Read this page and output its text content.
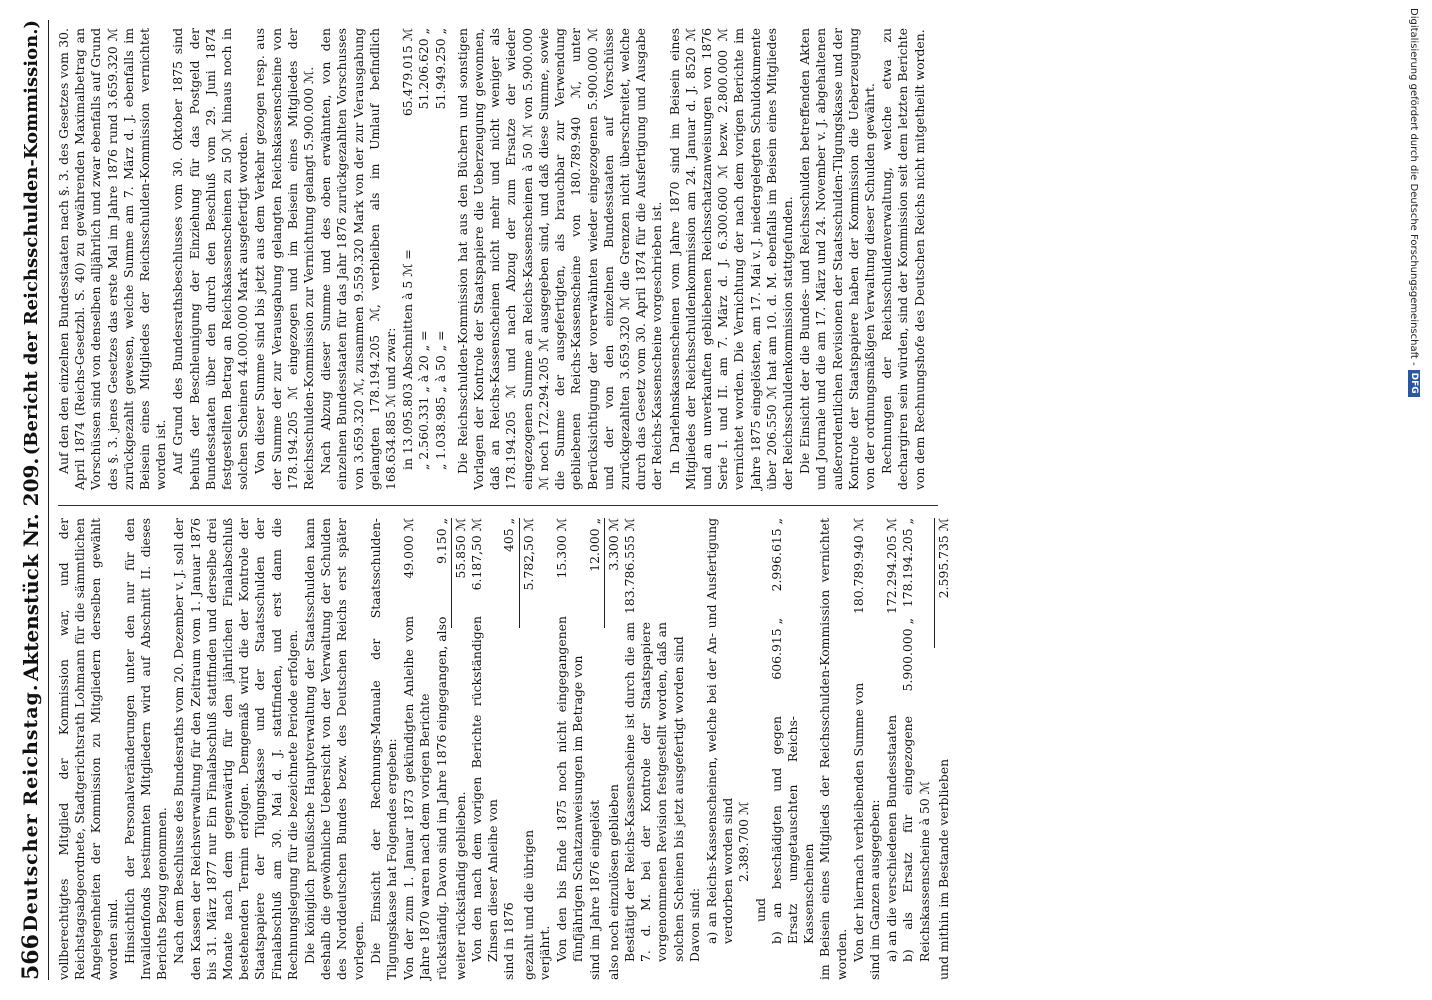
566
Deutscher Reichstag.
Aktenstück Nr. 209.
(Bericht der Reichsschulden-Kommission.)

vollberechtigtes Mitglied der Kommission war, und der Reichstagsabgeordnete, Stadtgerichtsrath Lohmann für die sämmtlichen Angelegenheiten der Kommission zu Mitgliedern derselben gewählt worden sind. Hinsichtlich der Personalveränderungen unter den nur für den Invalidenfonds bestimmten Mitgliedern wird auf Abschnitt II. dieses Berichts Bezug genommen. Nach dem Beschlusse des Bundesraths vom 20. Dezember v. J. soll der den Kassen der Reichsverwaltung für den Zeitraum vom 1. Januar 1876 bis 31. März 1877 nur Ein Finalabschluß stattfinden und derselbe drei Monate nach dem gegenwärtig für den jährlichen Finalabschluß bestehenden Termin erfolgen. Demgemäß wird die der Kontrole der Staatspapiere der Tilgungskasse und der Staatsschulden der Finalabschluß am 30. Mai d. J. stattfinden, und erst dann die Rechnungslegung für die bezeichnete Periode erfolgen. Die königlich preußische Hauptverwaltung der Staatsschulden kann deshalb die gewöhnliche Uebersicht von der Verwaltung der Schulden des Norddeutschen Bundes bezw. des Deutschen Reichs erst später vorlegen. Die Einsicht der Rechnungs-Manuale der Staatsschulden-Tilgungskasse hat Folgendes ergeben: Von der zum 1. Januar 1873 gekündigten Anleihe vom Jahre 1870 waren nach dem vorigen Berichte
49.000 ℳ
rückständig. Davon sind im Jahre 1876 eingegangen, also
9.150 „
weiter rückständig geblieben.
55.850 ℳ
Von den nach dem vorigen Berichte rückständigen Zinsen dieser Anleihe von
6.187,50 ℳ
sind in 1876
405 „
gezahlt und die übrigen
5.782,50 ℳ

verjährt. Von den bis Ende 1875 noch nicht eingegangenen fünfjährigen Schatzanweisungen im Betrage von
15.300 ℳ
sind im Jahre 1876 eingelöst
12.000 „
also noch einzulösen geblieben
3.300 ℳ
Bestätigt der Reichs-Kassenscheine ist durch die am 7. d. M. bei der Kontrole der Staatspapiere vorgenommenen Revision festgestellt worden, daß an solchen Scheinen bis jetzt ausgefertigt worden sind
183.786.555 ℳ

Davon sind: a) an Reichs-Kassenscheinen, welche bei der An- und Ausfertigung verdorben worden sind 2.389.700 ℳ
und b) an beschädigten und gegen Ersatz umgetauschten Reichs-Kassenscheinen
606.915 „
2.996.615 „	im Beisein eines Mitglieds der Reichsschulden-Kommission vernichtet worden. Von der hiernach verbleibenden Summe von
180.789.940 ℳ

sind im Ganzen ausgegeben: a) an die verschiedenen Bundesstaaten
172.294.205 ℳ
b) als Ersatz für eingezogene Reichskassenscheine à 50 ℳ
5.900.000 „
178.194.205 „
und mithin im Bestande verblieben
2.595.735 ℳ

Auf den den einzelnen Bundesstaaten nach §. 3. des Gesetzes vom 30. April 1874 (Reichs-Gesetzbl. S. 40) zu gewährenden Maximalbetrag an Vorschüssen sind von denselben alljährlich und zwar ebenfalls auf Grund des §. 3. jenes Gesetzes das erste Mal im Jahre 1876 rund 3.659.320 ℳ zurückgezahlt gewesen, welche Summe am 7. März d. J. ebenfalls im Beisein eines Mitgliedes der Reichsschulden-Kommission vernichtet worden ist. Auf Grund des Bundesrathsbeschlusses vom 30. Oktober 1875 sind behufs der Beschleunigung der Einziehung für das Postgeld der Bundesstaaten über den durch den Beschluß vom 29. Juni 1874 festgestellten Betrag an Reichskassenscheinen zu 50 ℳ hinaus noch in solchen Scheinen 44.000.000 Mark ausgefertigt worden. Von dieser Summe sind bis jetzt aus dem Verkehr gezogen resp. aus der Summe der zur Verausgabung gelangten Reichskassenscheine von 178.194.205 ℳ eingezogen und im Beisein eines Mitgliedes der Reichsschulden-Kommission zur Vernichtung gelangt 5.900.000 ℳ. Nach Abzug dieser Summe und des oben erwähnten, von den einzelnen Bundesstaaten für das Jahr 1876 zurückgezahlten Vorschusses von 3.659.320 ℳ, zusammen 9.559.320 Mark von der zur Verausgabung gelangten 178.194.205 ℳ, verbleiben als im Umlauf befindlich 168.634.885 ℳ und zwar: in 13.095.803 Abschnitten à 5 ℳ =
65.479.015 ℳ
„ 2.560.331 „ à 20 „ =
51.206.620 „
„ 1.038.985 „ à 50 „ =
51.949.250 „ Die Reichsschulden-Kommission hat aus den Büchern und sonstigen Vorlagen der Kontrole der Staatspapiere die Ueberzeugung gewonnen, daß an Reichs-Kassenscheinen nicht mehr und nicht weniger als 178.194.205 ℳ und nach Abzug der zum Ersatze der wieder eingezogenen Summe an Reichs-Kassenscheinen à 50 ℳ von 5.900.000 ℳ noch 172.294.205 ℳ ausgegeben sind, und daß diese Summe, sowie die Summe der ausgefertigten, als brauchbar zur Verwendung gebliebenen Reichs-Kassenscheine von 180.789.940 ℳ, unter Berücksichtigung der vorerwähnten wieder eingezogenen 5.900.000 ℳ und der von den einzelnen Bundesstaaten auf Vorschüsse zurückgezahlten 3.659.320 ℳ die Grenzen nicht überschreitet, welche durch das Gesetz vom 30. April 1874 für die Ausfertigung und Ausgabe der Reichs-Kassenscheine vorgeschrieben ist. In Darlehnskassenscheinen vom Jahre 1870 sind im Beisein eines Mitgliedes der Reichsschuldenkommission am 24. Januar d. J. 8520 ℳ und an unverkauften gebliebenen Reichsschatzanweisungen von 1876 Serie I. und II. am 7. März d. J. 6.300.600 ℳ bezw. 2.800.000 ℳ vernichtet worden. Die Vernichtung der nach dem vorigen Berichte im Jahre 1875 eingelösten, am 17. Mai v. J. niedergelegten Schuldokumente über 206.550 ℳ hat am 10. d. M. ebenfalls im Beisein eines Mitgliedes der Reichsschuldenkommission stattgefunden. Die Einsicht der die Bundes- und Reichsschulden betreffenden Akten und Journale und die am 17. März und 24. November v. J. abgehaltenen außerordentlichen Revisionen der Staatsschulden-Tilgungskasse und der Kontrole der Staatspapiere haben der Kommission die Ueberzeugung von der ordnungsmäßigen Verwaltung dieser Schulden gewährt. Rechnungen der Reichsschuldenverwaltung, welche etwa zu dechargiren sein würden, sind der Kommission seit dem letzten Berichte von dem Rechnungshofe des Deutschen Reichs nicht mitgetheilt worden.	Digitalisierung gefördert durch die Deutsche Forschungsgemeinschaft -
DFG
